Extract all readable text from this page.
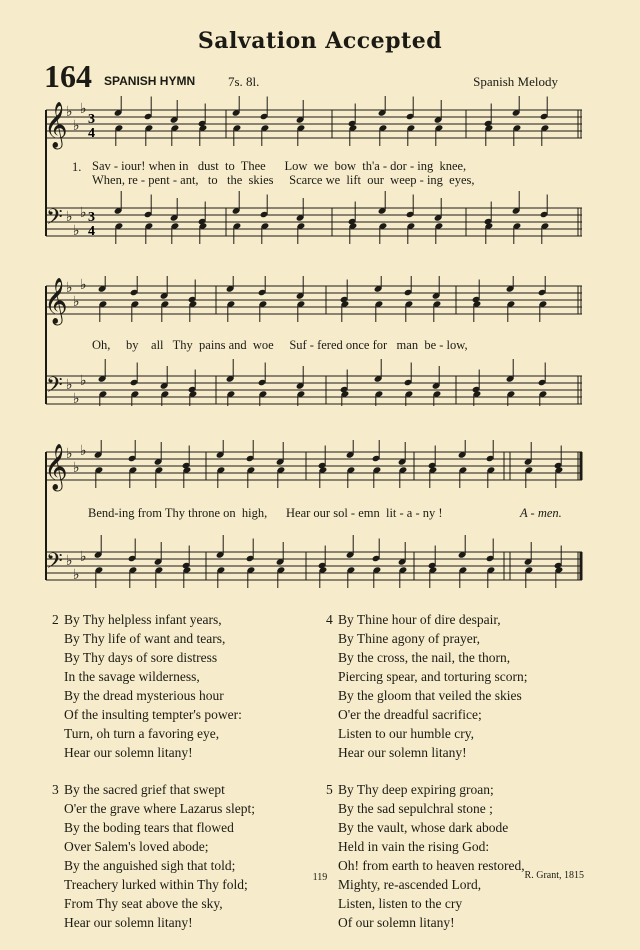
Salvation Accepted
164 SPANISH HYMN	7s. 8l.	Spanish Melody
𝄞
♭
♭
♭
3
4
𝄢 ♭
♭
♭ 3
4
1. Sav - iour! when in   dust  to  Thee      Low  we  bow  th'a - dor - ing  knee,
When, re - pent - ant,   to   the  skies     Scarce we  lift  our  weep - ing  eyes,
𝄞
♭
♭
♭
𝄢 ♭
♭
♭
Oh,     by    all   Thy  pains and  woe     Suf - fered once for   man  be - low,
𝄞
♭
♭
♭
𝄢 ♭
♭
♭
Bend-ing from Thy throne on  high,      Hear our sol - emn  lit - a - ny !	A - men.
2 By Thy helpless infant years,
By Thy life of want and tears,
By Thy days of sore distress
In the savage wilderness,
By the dread mysterious hour
Of the insulting tempter's power:
Turn, oh turn a favoring eye,
Hear our solemn litany!
3 By the sacred grief that swept
O'er the grave where Lazarus slept;
By the boding tears that flowed
Over Salem's loved abode;
By the anguished sigh that told;
Treachery lurked within Thy fold;
From Thy seat above the sky,
Hear our solemn litany!
4 By Thine hour of dire despair,
By Thine agony of prayer,
By the cross, the nail, the thorn,
Piercing spear, and torturing scorn;
By the gloom that veiled the skies
O'er the dreadful sacrifice;
Listen to our humble cry,
Hear our solemn litany!
5 By Thy deep expiring groan;
By the sad sepulchral stone ;
By the vault, whose dark abode
Held in vain the rising God:
Oh! from earth to heaven restored,
Mighty, re-ascended Lord,
Listen, listen to the cry
Of our solemn litany!
119	R. Grant, 1815
